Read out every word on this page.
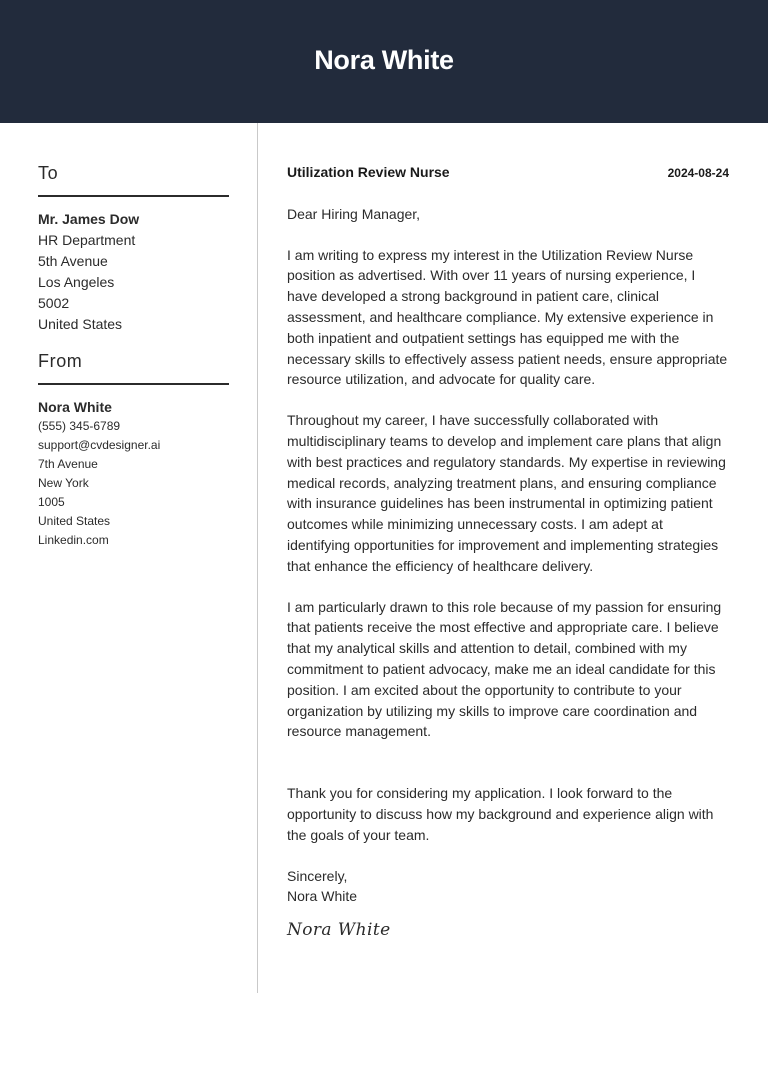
Nora White
To
Mr. James Dow
HR Department
5th Avenue
Los Angeles
5002
United States
From
Nora White
(555) 345-6789
support@cvdesigner.ai
7th Avenue
New York
1005
United States
Linkedin.com
Utilization Review Nurse	2024-08-24
Dear Hiring Manager,
I am writing to express my interest in the Utilization Review Nurse position as advertised. With over 11 years of nursing experience, I have developed a strong background in patient care, clinical assessment, and healthcare compliance. My extensive experience in both inpatient and outpatient settings has equipped me with the necessary skills to effectively assess patient needs, ensure appropriate resource utilization, and advocate for quality care.
Throughout my career, I have successfully collaborated with multidisciplinary teams to develop and implement care plans that align with best practices and regulatory standards. My expertise in reviewing medical records, analyzing treatment plans, and ensuring compliance with insurance guidelines has been instrumental in optimizing patient outcomes while minimizing unnecessary costs. I am adept at identifying opportunities for improvement and implementing strategies that enhance the efficiency of healthcare delivery.
I am particularly drawn to this role because of my passion for ensuring that patients receive the most effective and appropriate care. I believe that my analytical skills and attention to detail, combined with my commitment to patient advocacy, make me an ideal candidate for this position. I am excited about the opportunity to contribute to your organization by utilizing my skills to improve care coordination and resource management.
Thank you for considering my application. I look forward to the opportunity to discuss how my background and experience align with the goals of your team.
Sincerely,
Nora White
Nora White
